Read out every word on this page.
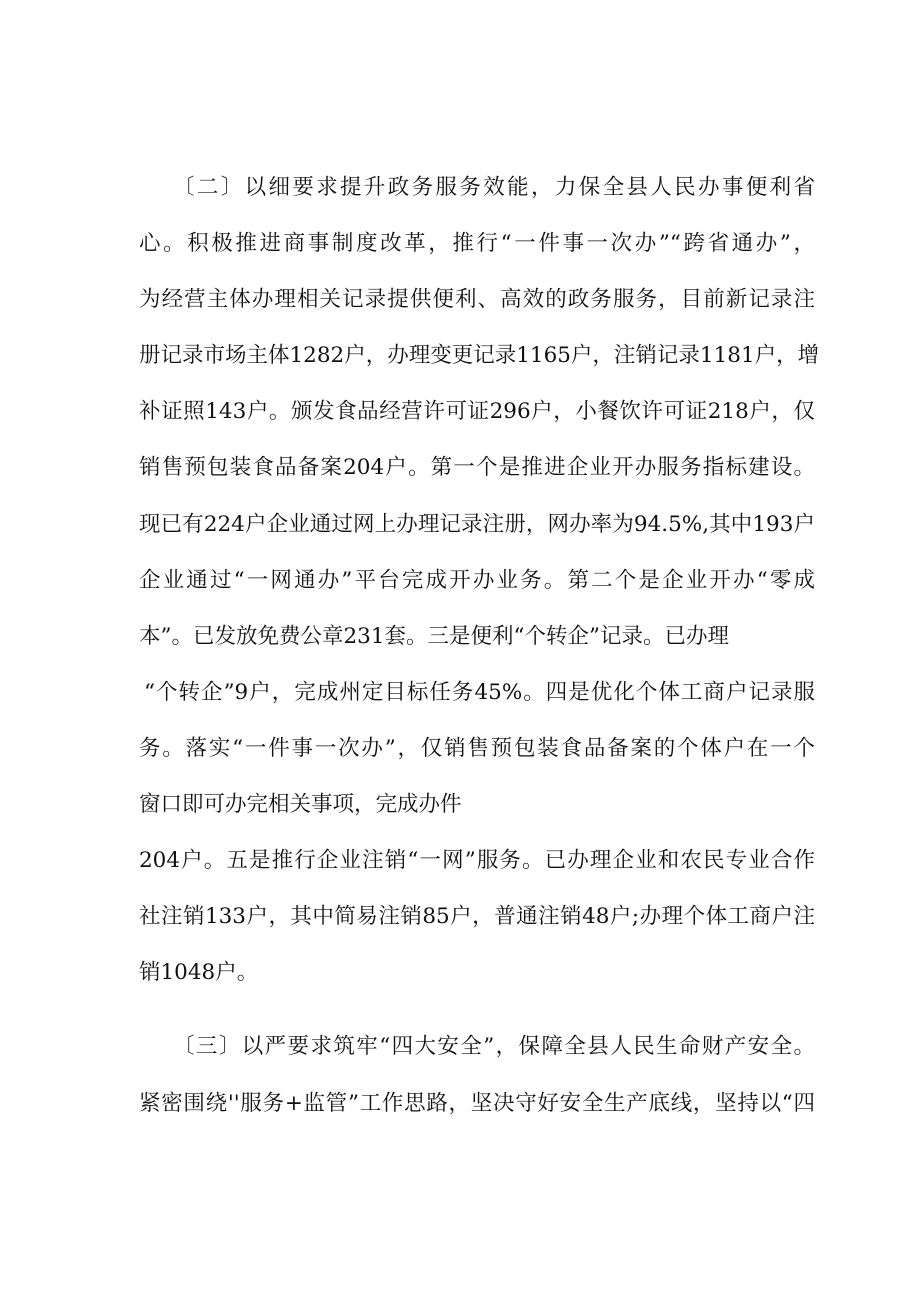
〔二〕以细要求提升政务服务效能，力保全县人民办事便利省
心。积极推进商事制度改革，推行“一件事一次办”“跨省通办”，
为经营主体办理相关记录提供便利、高效的政务服务，目前新记录注
册记录市场主体1282户，办理变更记录1165户，注销记录1181户，增
补证照143户。颁发食品经营许可证296户，小餐饮许可证218户，仅
销售预包装食品备案204户。第一个是推进企业开办服务指标建设。
现已有224户企业通过网上办理记录注册，网办率为94.5%,其中193户
企业通过“一网通办”平台完成开办业务。第二个是企业开办“零成
本”。已发放免费公章231套。三是便利“个转企”记录。已办理
“个转企”9户，完成州定目标任务45%。四是优化个体工商户记录服
务。落实“一件事一次办”，仅销售预包装食品备案的个体户在一个
窗口即可办完相关事项，完成办件
204户。五是推行企业注销“一网”服务。已办理企业和农民专业合作
社注销133户，其中简易注销85户，普通注销48户;办理个体工商户注
销1048户。
〔三〕以严要求筑牢“四大安全”，保障全县人民生命财产安全。
紧密围绕''服务+监管”工作思路，坚决守好安全生产底线，坚持以“四
